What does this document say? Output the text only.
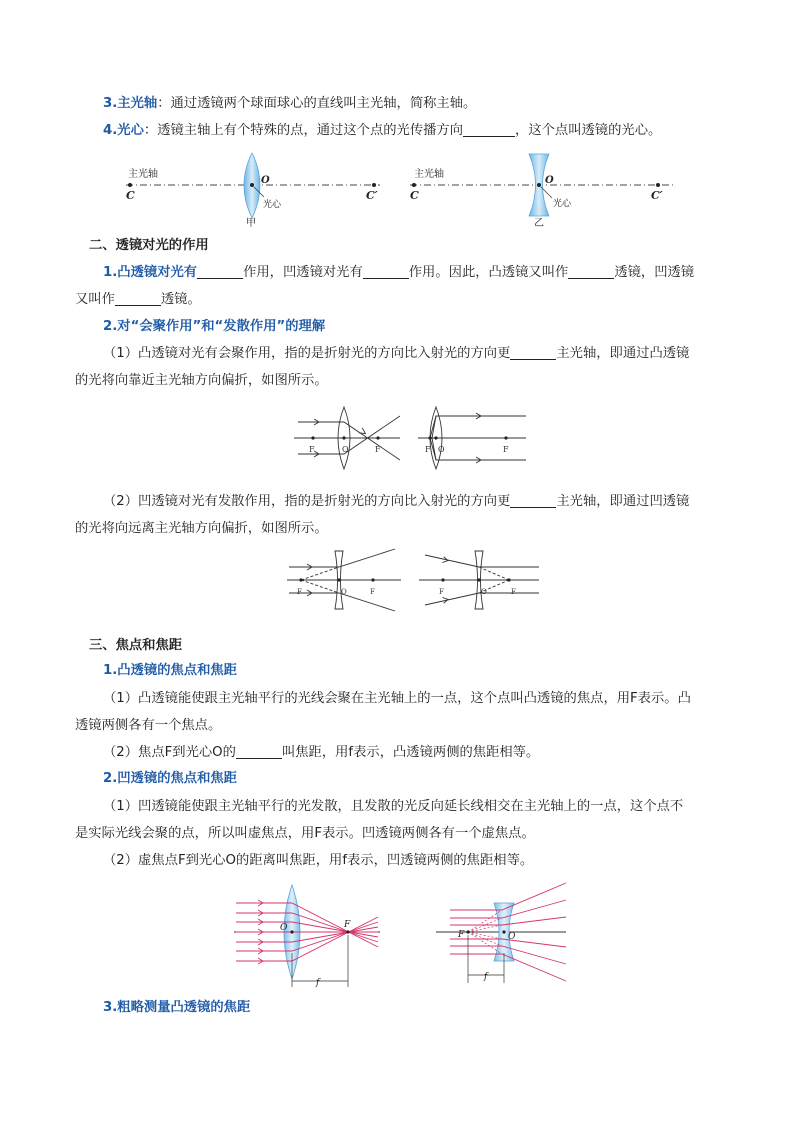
3.主光轴：通过透镜两个球面球心的直线叫主光轴，简称主轴。
4.光心：透镜主轴上有个特殊的点，通过这个点的光传播方向	，这个点叫透镜的光心。
主光轴
C	C′
O
光心
甲
主光轴
C	C′
O
光心
乙
二、透镜对光的作用
1.凸透镜对光有	作用，凹透镜对光有	作用。因此，凸透镜又叫作	透镜，凹透镜
又叫作	透镜。
2.对“会聚作用”和“发散作用”的理解
（1）凸透镜对光有会聚作用，指的是折射光的方向比入射光的方向更	主光轴，即通过凸透镜
的光将向靠近主光轴方向偏折，如图所示。
F	O	F	F O	F
（2）凹透镜对光有发散作用，指的是折射光的方向比入射光的方向更	主光轴，即通过凹透镜
的光将向远离主光轴方向偏折，如图所示。
F	O	F	F	O	F
三、焦点和焦距
1.凸透镜的焦点和焦距
（1）凸透镜能使跟主光轴平行的光线会聚在主光轴上的一点，这个点叫凸透镜的焦点，用F表示。凸
透镜两侧各有一个焦点。
（2）焦点F到光心O的	叫焦距，用f表示，凸透镜两侧的焦距相等。
2.凹透镜的焦点和焦距
（1）凹透镜能使跟主光轴平行的光发散，且发散的光反向延长线相交在主光轴上的一点，这个点不
是实际光线会聚的点，所以叫虚焦点，用F表示。凹透镜两侧各有一个虚焦点。
（2）虚焦点F到光心O的距离叫焦距，用f表示，凹透镜两侧的焦距相等。
O	F
f
F	O
f
3.粗略测量凸透镜的焦距
